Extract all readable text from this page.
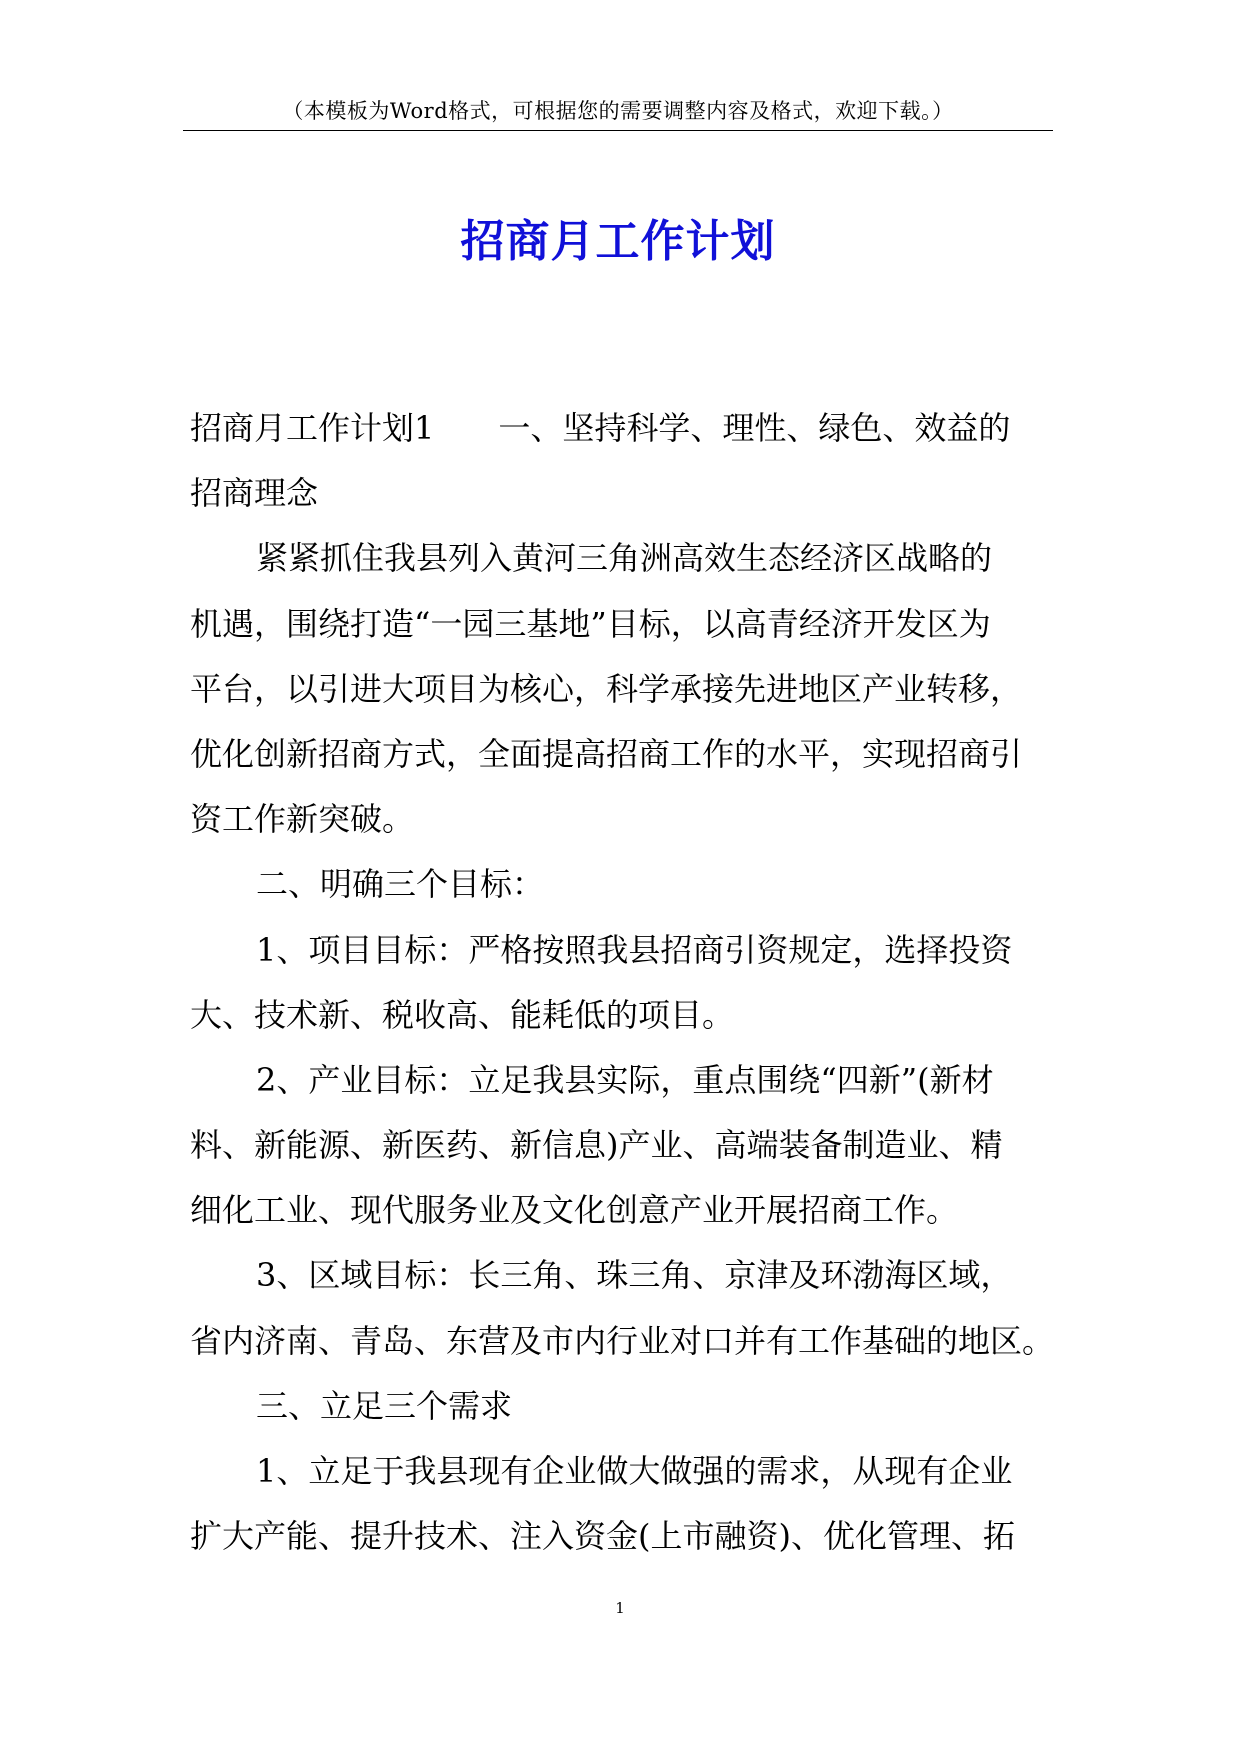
（本模板为Word格式，可根据您的需要调整内容及格式，欢迎下载。）
招商月工作计划
招商月工作计划1　　一、坚持科学、理性、绿色、效益的
招商理念
紧紧抓住我县列入黄河三角洲高效生态经济区战略的
机遇，围绕打造“一园三基地”目标，以高青经济开发区为
平台，以引进大项目为核心，科学承接先进地区产业转移，
优化创新招商方式，全面提高招商工作的水平，实现招商引
资工作新突破。
二、明确三个目标：
1、项目目标：严格按照我县招商引资规定，选择投资
大、技术新、税收高、能耗低的项目。
2、产业目标：立足我县实际，重点围绕“四新”(新材
料、新能源、新医药、新信息)产业、高端装备制造业、精
细化工业、现代服务业及文化创意产业开展招商工作。
3、区域目标：长三角、珠三角、京津及环渤海区域，
省内济南、青岛、东营及市内行业对口并有工作基础的地区。
三、立足三个需求
1、立足于我县现有企业做大做强的需求，从现有企业
扩大产能、提升技术、注入资金(上市融资)、优化管理、拓
1
